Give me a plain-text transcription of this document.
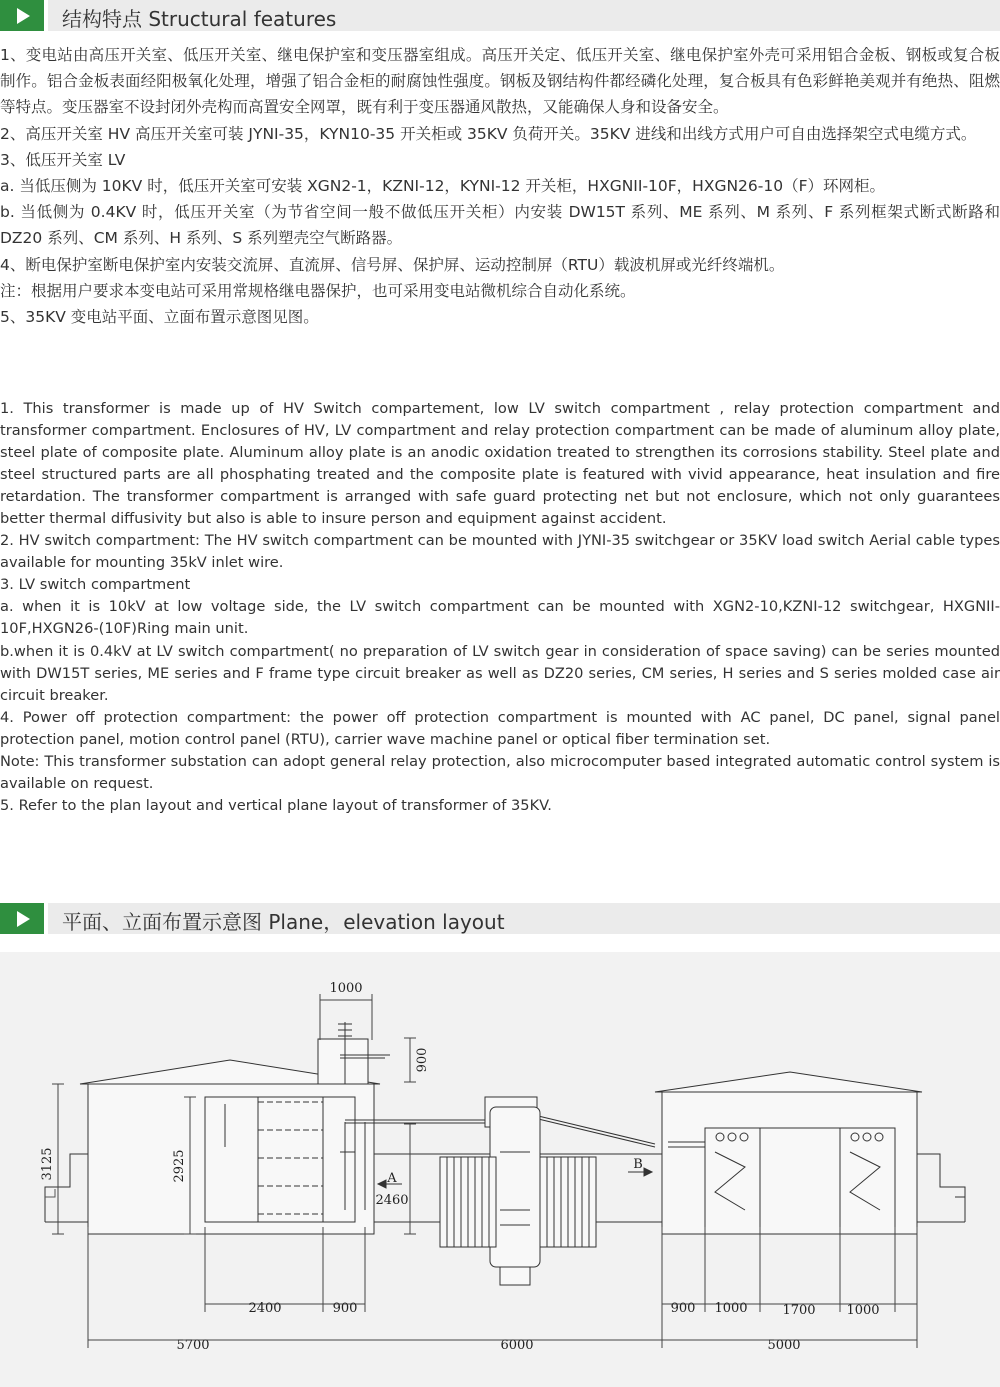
结构特点 Structural features

1、变电站由高压开关室、低压开关室、继电保护室和变压器室组成。高压开关定、低压开关室、继电保护室外壳可采用铝合金板、钢板或复合板制作。铝合金板表面经阳极氧化处理，增强了铝合金柜的耐腐蚀性强度。钢板及钢结构件都经磷化处理，复合板具有色彩鲜艳美观并有绝热、阻燃等特点。变压器室不设封闭外壳构而高置安全网罩，既有利于变压器通风散热，又能确保人身和设备安全。

2、高压开关室 HV 高压开关室可装 JYNI-35，KYN10-35 开关柜或 35KV 负荷开关。35KV 进线和出线方式用户可自由选择架空式电缆方式。

3、低压开关室 LV

a. 当低压侧为 10KV 时，低压开关室可安装 XGN2-1，KZNI-12，KYNI-12 开关柜，HXGNII-10F，HXGN26-10（F）环网柜。

b. 当低侧为 0.4KV 时，低压开关室（为节省空间一般不做低压开关柜）内安装 DW15T 系列、ME 系列、M 系列、F 系列框架式断式断路和 DZ20 系列、CM 系列、H 系列、S 系列塑壳空气断路器。

4、断电保护室断电保护室内安装交流屏、直流屏、信号屏、保护屏、运动控制屏（RTU）载波机屏或光纤终端机。

注：根据用户要求本变电站可采用常规格继电器保护，也可采用变电站微机综合自动化系统。

5、35KV 变电站平面、立面布置示意图见图。

1. This transformer is made up of HV Switch compartement, low LV switch compartment , relay protection compartment and transformer compartment. Enclosures of HV, LV compartment and relay protection compartment can be made of aluminum alloy plate, steel plate of composite plate. Aluminum alloy plate is an anodic oxidation treated to strengthen its corrosions stability. Steel plate and steel structured parts are all phosphating treated and the composite plate is featured with vivid appearance, heat insulation and fire retardation. The transformer compartment is arranged with safe guard protecting net but not enclosure, which not only guarantees better thermal diffusivity but also is able to insure person and equipment against accident.

2. HV switch compartment: The HV switch compartment can be mounted with JYNI-35 switchgear or 35KV load switch Aerial cable types available for mounting 35kV inlet wire.

3. LV switch compartment

a. when it is 10kV at low voltage side, the LV switch compartment can be mounted with XGN2-10,KZNI-12 switchgear, HXGNII-10F,HXGN26-(10F)Ring main unit.

b.when it is 0.4kV at LV switch compartment( no preparation of LV switch gear in consideration of space saving) can be series mounted with DW15T series, ME series and F frame type circuit breaker as well as DZ20 series, CM series, H series and S series molded case air circuit breaker.

4. Power off protection compartment: the power off protection compartment is mounted with AC panel, DC panel, signal panel protection panel, motion control panel (RTU), carrier wave machine panel or optical fiber termination set.

Note: This transformer substation can adopt general relay protection, also microcomputer based integrated automatic control system is available on request.

5. Refer to the plan layout and vertical plane layout of transformer of 35KV.

平面、立面布置示意图 Plane，elevation layout
1000
900
3125	2925
2460
A
B
2400	900
5700	6000
900 1000	1700 1000
5000
